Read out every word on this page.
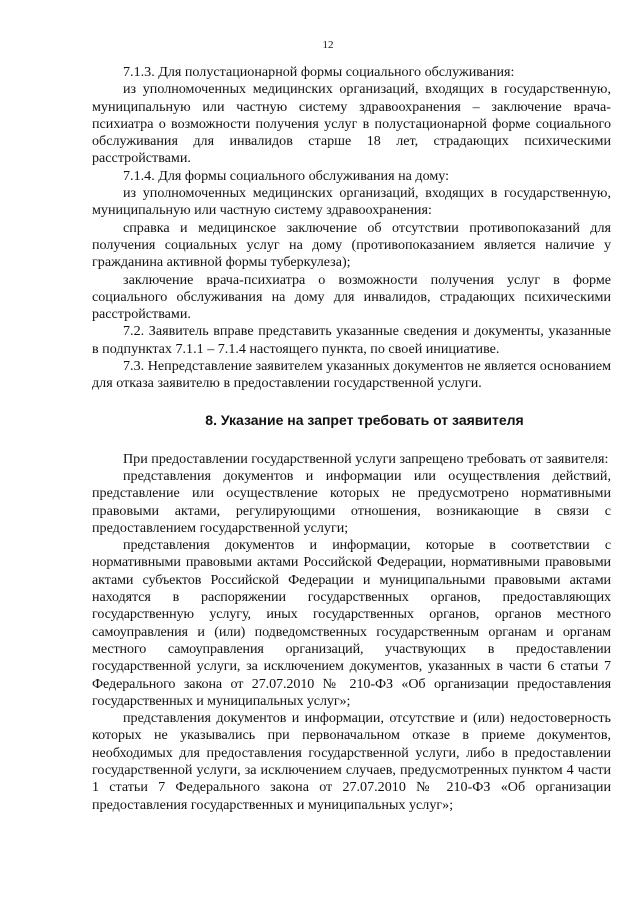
12

7.1.3. Для полустационарной формы социального обслуживания:

из уполномоченных медицинских организаций, входящих в государственную, муниципальную или частную систему здравоохранения – заключение врача-психиатра о возможности получения услуг в полустационарной форме социального обслуживания для инвалидов старше 18 лет, страдающих психическими расстройствами.

7.1.4. Для формы социального обслуживания на дому:

из уполномоченных медицинских организаций, входящих в государственную, муниципальную или частную систему здравоохранения:

справка и медицинское заключение об отсутствии противопоказаний для получения социальных услуг на дому (противопоказанием является наличие у гражданина активной формы туберкулеза);

заключение врача-психиатра о возможности получения услуг в форме социального обслуживания на дому для инвалидов, страдающих психическими расстройствами.

7.2. Заявитель вправе представить указанные сведения и документы, указанные в подпунктах 7.1.1 – 7.1.4 настоящего пункта, по своей инициативе.

7.3. Непредставление заявителем указанных документов не является основанием для отказа заявителю в предоставлении государственной услуги.

8. Указание на запрет требовать от заявителя

При предоставлении государственной услуги запрещено требовать от заявителя:

представления документов и информации или осуществления действий, представление или осуществление которых не предусмотрено нормативными правовыми актами, регулирующими отношения, возникающие в связи с предоставлением государственной услуги;

представления документов и информации, которые в соответствии с нормативными правовыми актами Российской Федерации, нормативными правовыми актами субъектов Российской Федерации и муниципальными правовыми актами находятся в распоряжении государственных органов, предоставляющих государственную услугу, иных государственных органов, органов местного самоуправления и (или) подведомственных государственным органам и органам местного самоуправления организаций, участвующих в предоставлении государственной услуги, за исключением документов, указанных в части 6 статьи 7 Федерального закона от 27.07.2010 № 210-ФЗ «Об организации предоставления государственных и муниципальных услуг»;

представления документов и информации, отсутствие и (или) недостоверность которых не указывались при первоначальном отказе в приеме документов, необходимых для предоставления государственной услуги, либо в предоставлении государственной услуги, за исключением случаев, предусмотренных пунктом 4 части 1 статьи 7 Федерального закона от 27.07.2010 № 210-ФЗ «Об организации предоставления государственных и муниципальных услуг»;
